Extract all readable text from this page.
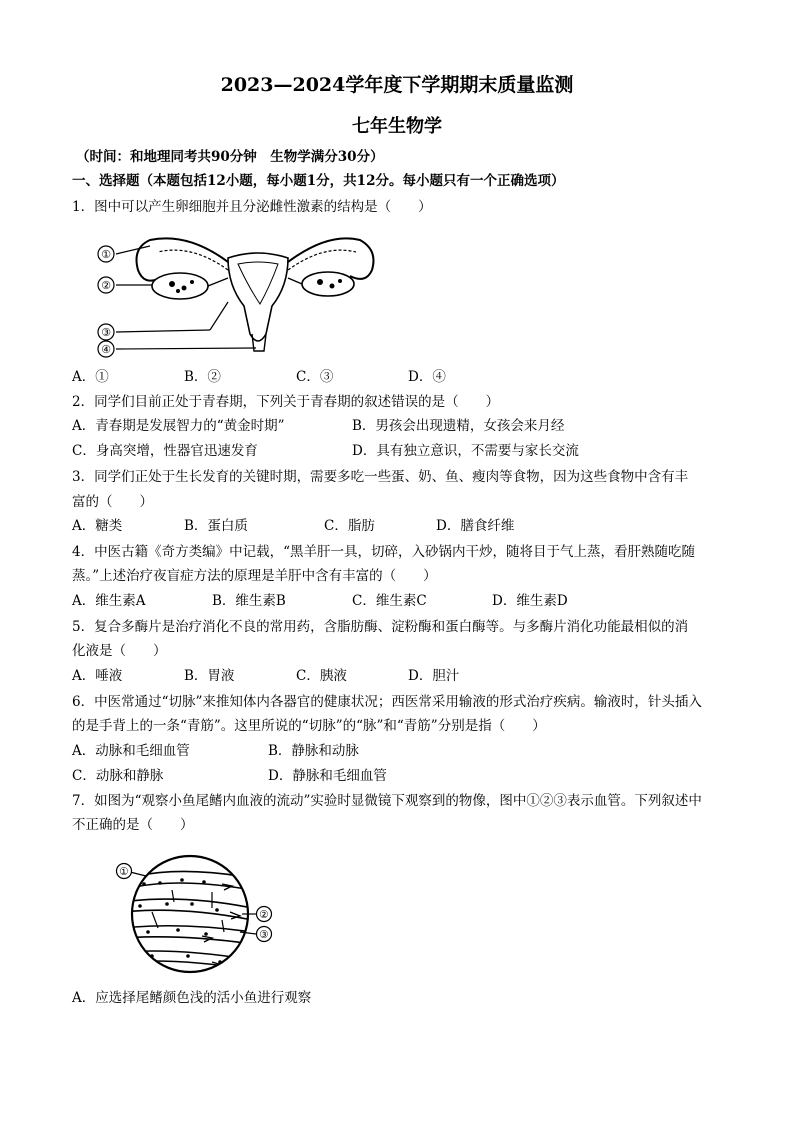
2023—2024学年度下学期期末质量监测
七年生物学
（时间：和地理同考共90分钟　生物学满分30分）
一、选择题（本题包括12小题，每小题1分，共12分。每小题只有一个正确选项）
1．图中可以产生卵细胞并且分泌雌性激素的结构是（　　）
①
②
③
④
A．①	B．②	C．③	D．④
2．同学们目前正处于青春期，下列关于青春期的叙述错误的是（　　）
A．青春期是发展智力的“黄金时期”	B．男孩会出现遗精，女孩会来月经
C．身高突增，性器官迅速发育	D．具有独立意识，不需要与家长交流
3．同学们正处于生长发育的关键时期，需要多吃一些蛋、奶、鱼、瘦肉等食物，因为这些食物中含有丰
富的（　　）
A．糖类	B．蛋白质	C．脂肪	D．膳食纤维
4．中医古籍《奇方类编》中记载，“黑羊肝一具，切碎，入砂锅内干炒，随将目于气上蒸，看肝熟随吃随
蒸。”上述治疗夜盲症方法的原理是羊肝中含有丰富的（　　）
A．维生素A	B．维生素B	C．维生素C	D．维生素D
5．复合多酶片是治疗消化不良的常用药，含脂肪酶、淀粉酶和蛋白酶等。与多酶片消化功能最相似的消
化液是（　　）
A．唾液	B．胃液	C．胰液	D．胆汁
6．中医常通过“切脉”来推知体内各器官的健康状况；西医常采用输液的形式治疗疾病。输液时，针头插入
的是手背上的一条“青筋”。这里所说的“切脉”的“脉”和“青筋”分别是指（　　）
A．动脉和毛细血管	B．静脉和动脉
C．动脉和静脉	D．静脉和毛细血管
7．如图为“观察小鱼尾鳍内血液的流动”实验时显微镜下观察到的物像，图中①②③表示血管。下列叙述中
不正确的是（　　）
①
②
③
A．应选择尾鳍颜色浅的活小鱼进行观察
